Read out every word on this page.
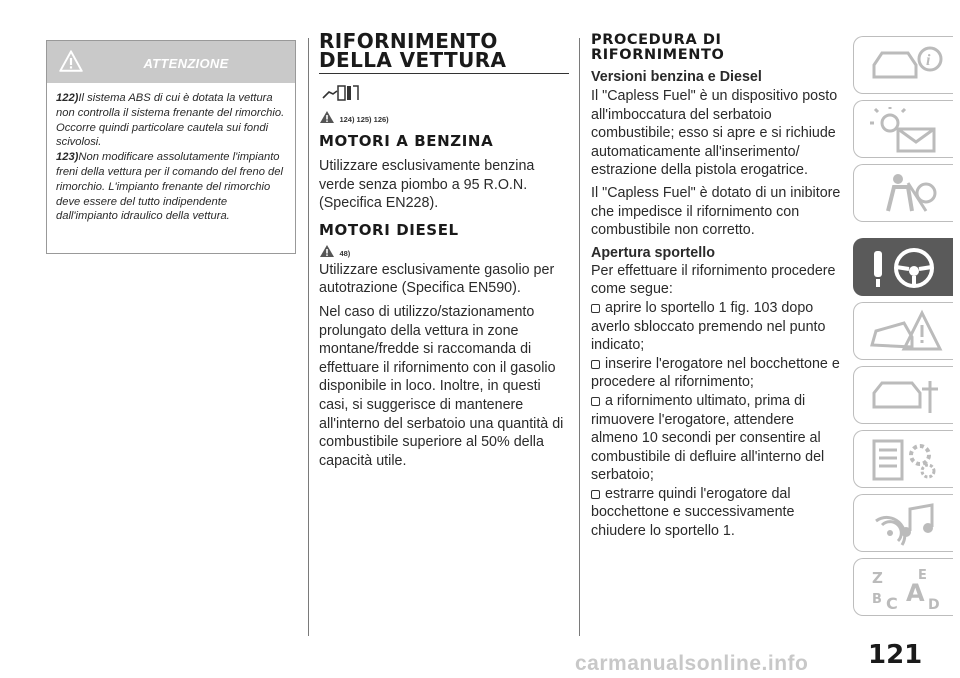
ATTENZIONE

122)Il sistema ABS di cui è dotata la vettura non controlla il sistema frenante del rimorchio. Occorre quindi particolare cautela sui fondi scivolosi.

123)Non modificare assolutamente l'impianto freni della vettura per il comando del freno del rimorchio. L'impianto frenante del rimorchio deve essere del tutto indipendente dall'impianto idraulico della vettura.

RIFORNIMENTO
DELLA VETTURA
124) 125) 126)
MOTORI A BENZINA

Utilizzare esclusivamente benzina verde senza piombo a 95 R.O.N. (Specifica EN228).

MOTORI DIESEL
48)

Utilizzare esclusivamente gasolio per autotrazione (Specifica EN590).

Nel caso di utilizzo/stazionamento prolungato della vettura in zone montane/fredde si raccomanda di effettuare il rifornimento con il gasolio disponibile in loco. Inoltre, in questi casi, si suggerisce di mantenere all'interno del serbatoio una quantità di combustibile superiore al 50% della capacità utile.

PROCEDURA DI
RIFORNIMENTO
Versioni benzina e Diesel

Il "Capless Fuel" è un dispositivo posto all'imboccatura del serbatoio combustibile; esso si apre e si richiude automaticamente all'inserimento/ estrazione della pistola erogatrice.

Il "Capless Fuel" è dotato di un inibitore che impedisce il rifornimento con combustibile non corretto.

Apertura sportello

Per effettuare il rifornimento procedere come segue:

aprire lo sportello 1 fig. 103 dopo averlo sbloccato premendo nel punto indicato;

inserire l'erogatore nel bocchettone e procedere al rifornimento;

a rifornimento ultimato, prima di rimuovere l'erogatore, attendere almeno 10 secondi per consentire al combustibile di defluire all'interno del serbatoio;

estrarre quindi l'erogatore dal bocchettone e successivamente chiudere lo sportello 1.

i
Z	E
B C A D
121
carmanualsonline.info
